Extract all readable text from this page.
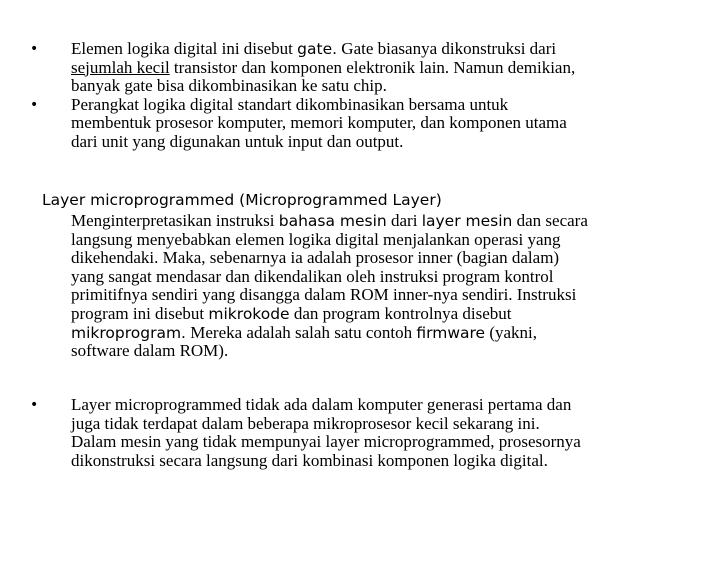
•	Elemen logika digital ini disebut gate. Gate biasanya dikonstruksi dari
sejumlah kecil transistor dan komponen elektronik lain. Namun demikian,
banyak gate bisa dikombinasikan ke satu chip.
•	Perangkat logika digital standart dikombinasikan bersama untuk
membentuk prosesor komputer, memori komputer, dan komponen utama
dari unit yang digunakan untuk input dan output.
Layer microprogrammed (Microprogrammed Layer)
Menginterpretasikan instruksi bahasa mesin dari layer mesin dan secara
langsung menyebabkan elemen logika digital menjalankan operasi yang
dikehendaki. Maka, sebenarnya ia adalah prosesor inner (bagian dalam)
yang sangat mendasar dan dikendalikan oleh instruksi program kontrol
primitifnya sendiri yang disangga dalam ROM inner-nya sendiri. Instruksi
program ini disebut mikrokode dan program kontrolnya disebut
mikroprogram. Mereka adalah salah satu contoh firmware (yakni,
software dalam ROM).
•	Layer microprogrammed tidak ada dalam komputer generasi pertama dan
juga tidak terdapat dalam beberapa mikroprosesor kecil sekarang ini.
Dalam mesin yang tidak mempunyai layer microprogrammed, prosesornya
dikonstruksi secara langsung dari kombinasi komponen logika digital.
